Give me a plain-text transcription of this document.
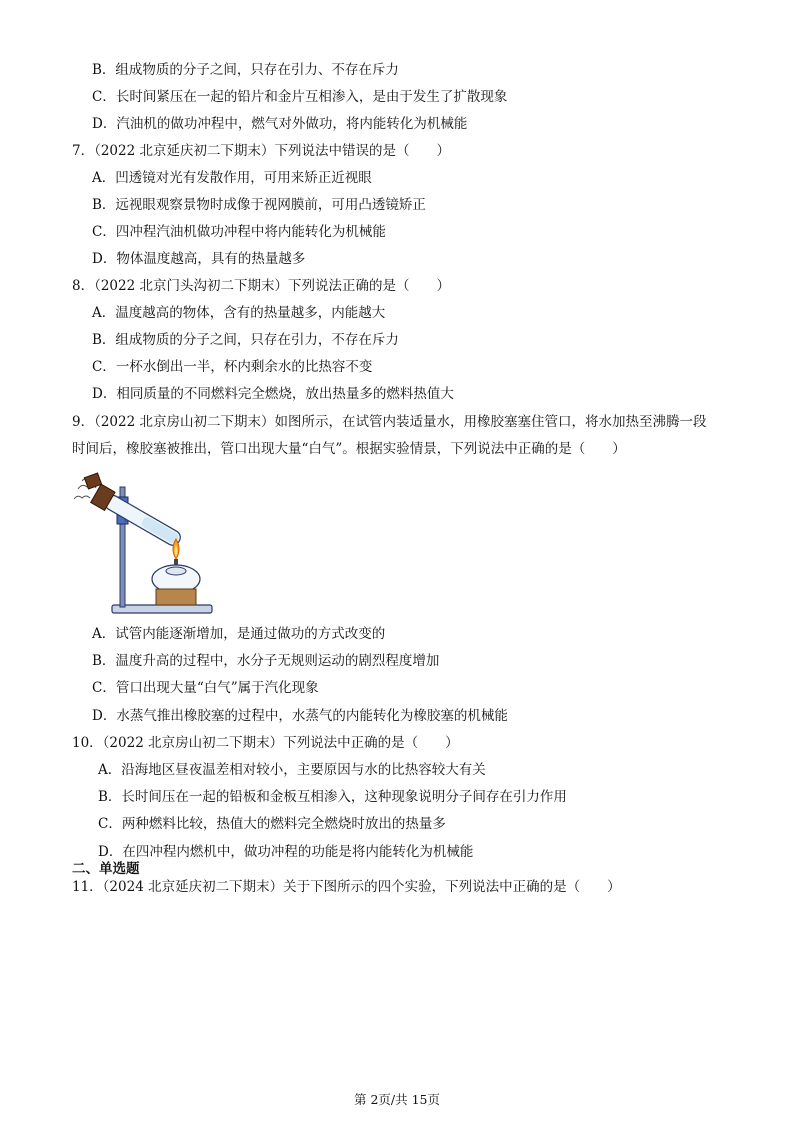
B．组成物质的分子之间，只存在引力、不存在斥力
C．长时间紧压在一起的铅片和金片互相渗入，是由于发生了扩散现象
D．汽油机的做功冲程中，燃气对外做功，将内能转化为机械能
7．（2022 北京延庆初二下期末）下列说法中错误的是（　　）
A．凹透镜对光有发散作用，可用来矫正近视眼
B．远视眼观察景物时成像于视网膜前，可用凸透镜矫正
C．四冲程汽油机做功冲程中将内能转化为机械能
D．物体温度越高，具有的热量越多
8．（2022 北京门头沟初二下期末）下列说法正确的是（　　）
A．温度越高的物体，含有的热量越多，内能越大
B．组成物质的分子之间，只存在引力，不存在斥力
C．一杯水倒出一半，杯内剩余水的比热容不变
D．相同质量的不同燃料完全燃烧，放出热量多的燃料热值大
9．（2022 北京房山初二下期末）如图所示，在试管内装适量水，用橡胶塞塞住管口，将水加热至沸腾一段
时间后，橡胶塞被推出，管口出现大量“白气”。根据实验情景，下列说法中正确的是（　　）
A．试管内能逐渐增加，是通过做功的方式改变的
B．温度升高的过程中，水分子无规则运动的剧烈程度增加
C．管口出现大量“白气”属于汽化现象
D．水蒸气推出橡胶塞的过程中，水蒸气的内能转化为橡胶塞的机械能
10．（2022 北京房山初二下期末）下列说法中正确的是（　　）
A．沿海地区昼夜温差相对较小，主要原因与水的比热容较大有关
B．长时间压在一起的铅板和金板互相渗入，这种现象说明分子间存在引力作用
C．两种燃料比较，热值大的燃料完全燃烧时放出的热量多
D．在四冲程内燃机中，做功冲程的功能是将内能转化为机械能
二、单选题
11．（2024 北京延庆初二下期末）关于下图所示的四个实验，下列说法中正确的是（　　）
第 2页/共 15页
